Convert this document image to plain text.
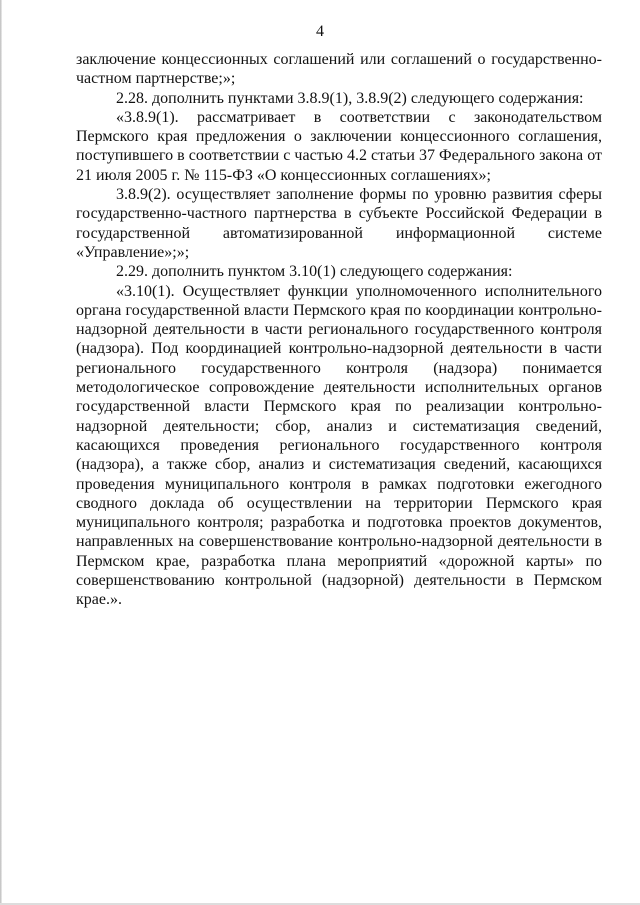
4

заключение концессионных соглашений или соглашений о государственно-частном партнерстве;»;

2.28. дополнить пунктами 3.8.9(1), 3.8.9(2) следующего содержания:

«3.8.9(1). рассматривает в соответствии с законодательством Пермского края предложения о заключении концессионного соглашения, поступившего в соответствии с частью 4.2 статьи 37 Федерального закона от 21 июля 2005 г. № 115-ФЗ «О концессионных соглашениях»;

3.8.9(2). осуществляет заполнение формы по уровню развития сферы государственно-частного партнерства в субъекте Российской Федерации в государственной автоматизированной информационной системе «Управление»;»;

2.29. дополнить пунктом 3.10(1) следующего содержания:

«3.10(1). Осуществляет функции уполномоченного исполнительного органа государственной власти Пермского края по координации контрольно-надзорной деятельности в части регионального государственного контроля (надзора). Под координацией контрольно-надзорной деятельности в части регионального государственного контроля (надзора) понимается методологическое сопровождение деятельности исполнительных органов государственной власти Пермского края по реализации контрольно-надзорной деятельности; сбор, анализ и систематизация сведений, касающихся проведения регионального государственного контроля (надзора), а также сбор, анализ и систематизация сведений, касающихся проведения муниципального контроля в рамках подготовки ежегодного сводного доклада об осуществлении на территории Пермского края муниципального контроля; разработка и подготовка проектов документов, направленных на совершенствование контрольно-надзорной деятельности в Пермском крае, разработка плана мероприятий «дорожной карты» по совершенствованию контрольной (надзорной) деятельности в Пермском крае.».
